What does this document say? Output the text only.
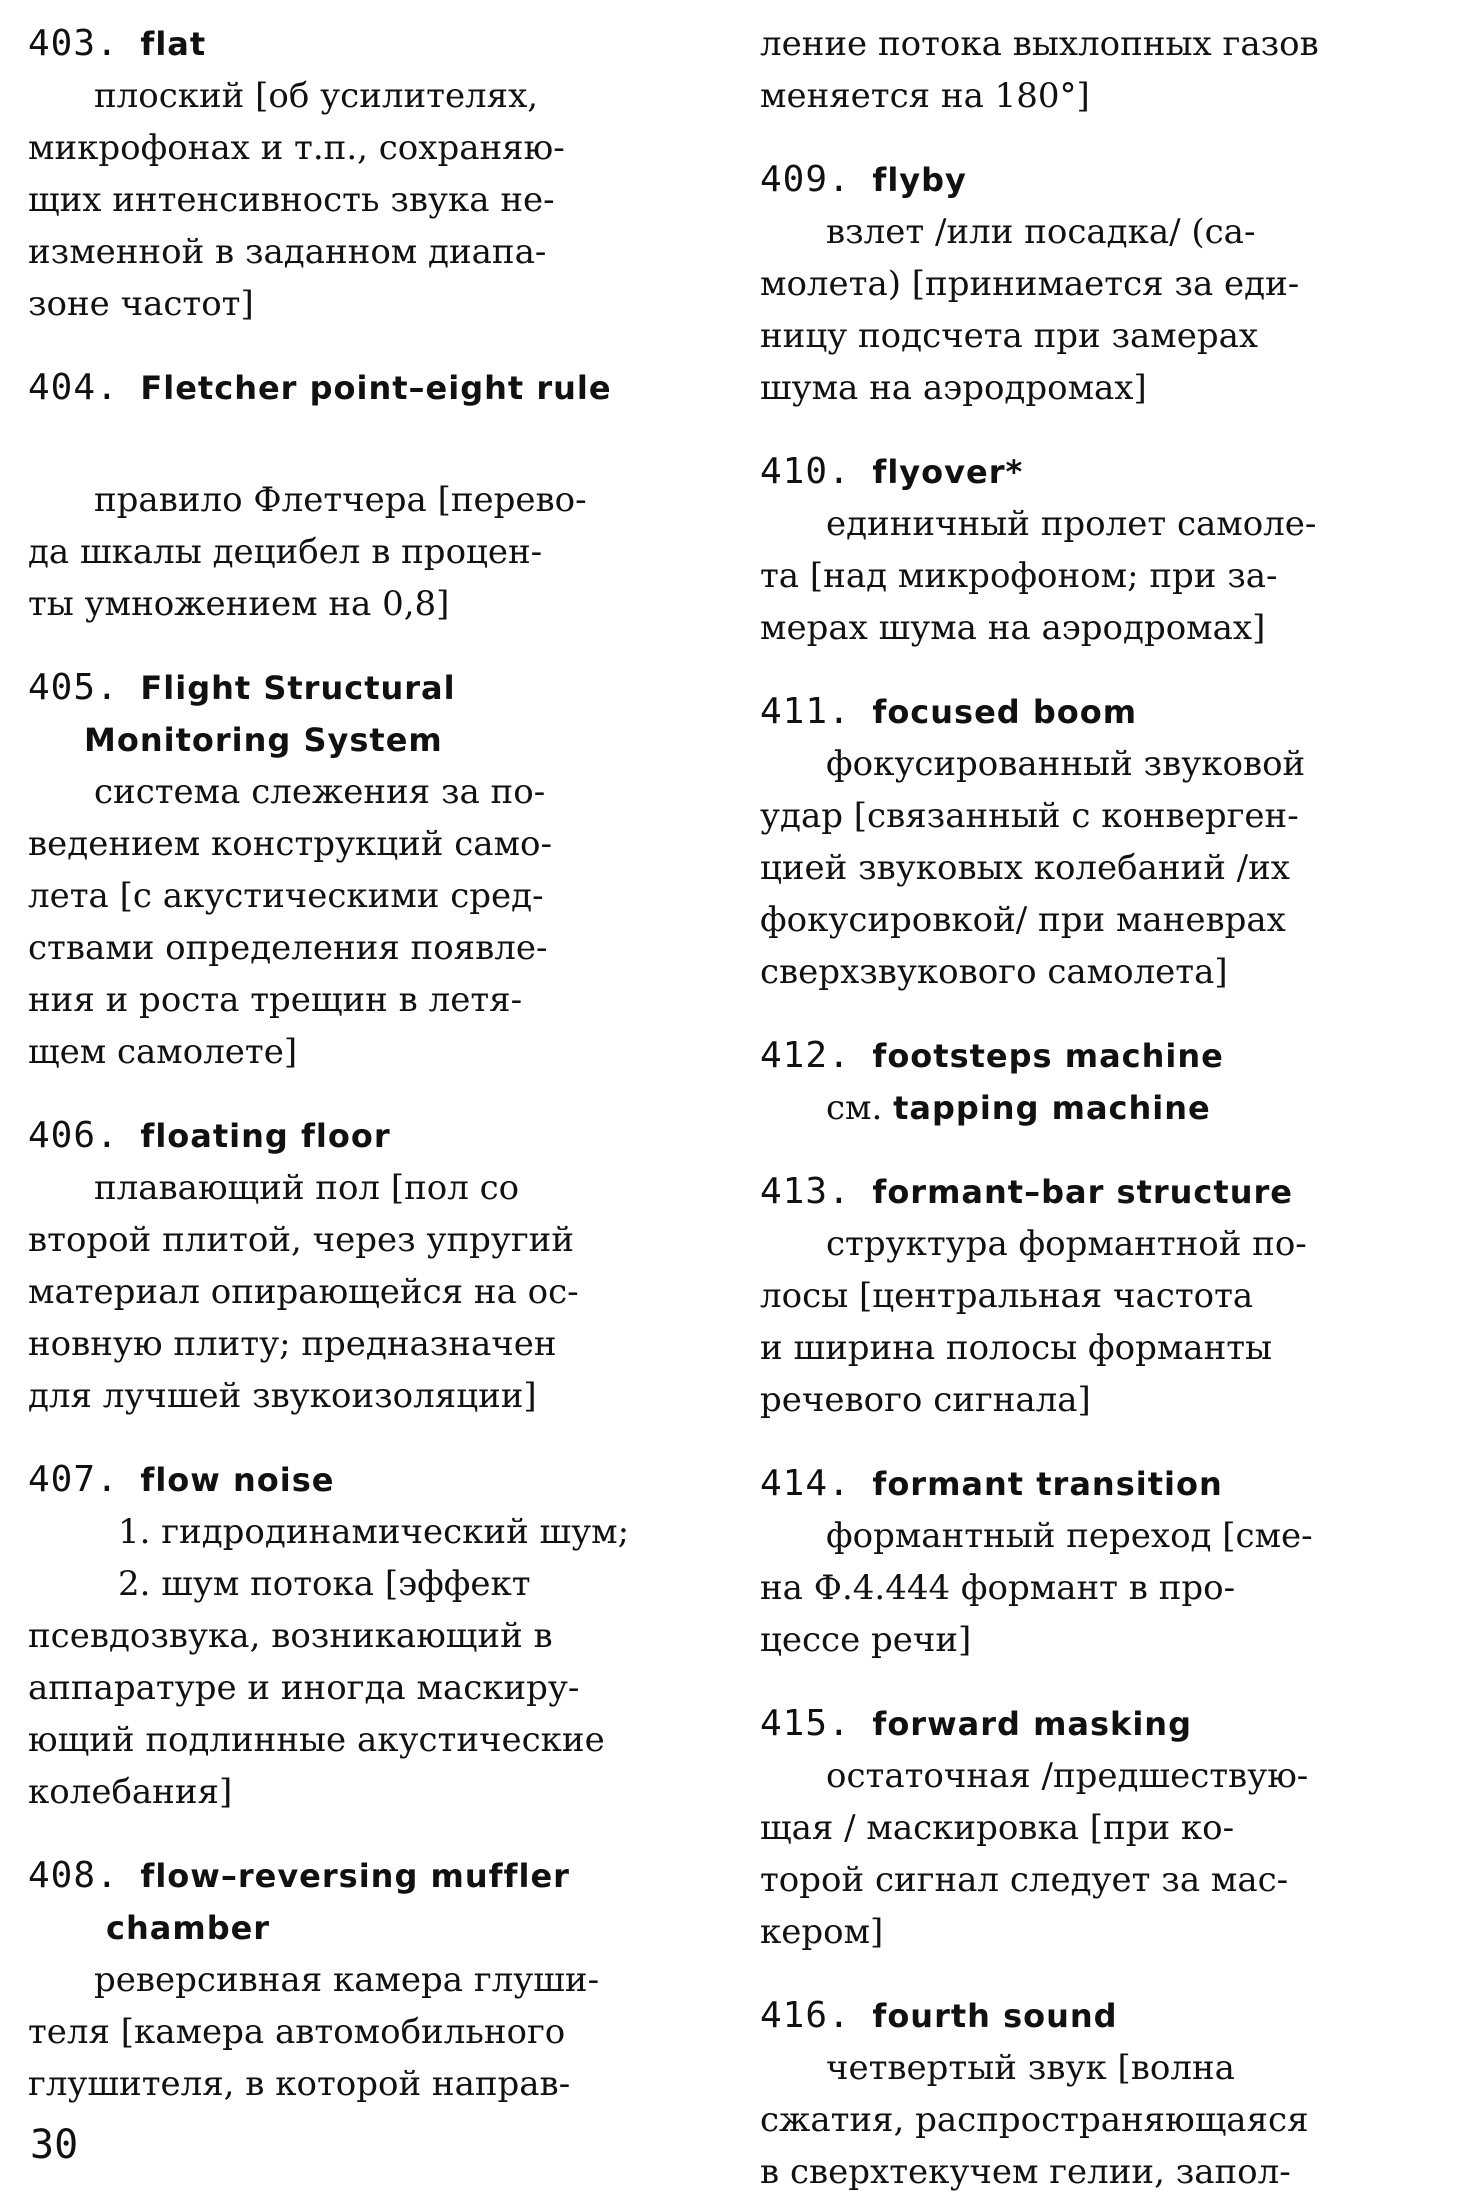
403. flat
плоский [об усилителях,
микрофонах и т.п., сохраняю-
щих интенсивность звука не-
изменной в заданном диапа-
зоне частот]
404. Fletcher point–eight rule
правило Флетчера [перево-
да шкалы децибел в процен-
ты умножением на 0,8]
405. Flight Structural
Monitoring System
система слежения за по-
ведением конструкций само-
лета [с акустическими сред-
ствами определения появле-
ния и роста трещин в летя-
щем самолете]
406. floating floor
плавающий пол [пол со
второй плитой, через упругий
материал опирающейся на ос-
новную плиту; предназначен
для лучшей звукоизоляции]
407. flow noise
1. гидродинамический шум;
2. шум потока [эффект
псевдозвука, возникающий в
аппаратуре и иногда маскиру-
ющий подлинные акустические
колебания]
408. flow–reversing muffler
chamber
реверсивная камера глуши-
теля [камера автомобильного
глушителя, в которой направ-
ление потока выхлопных газов
меняется на 180°]
409. flyby
взлет /или посадка/ (са-
молета) [принимается за еди-
ницу подсчета при замерах
шума на аэродромах]
410. flyover*
единичный пролет самоле-
та [над микрофоном; при за-
мерах шума на аэродромах]
411. focused boom
фокусированный звуковой
удар [связанный с конверген-
цией звуковых колебаний /их
фокусировкой/ при маневрах
сверхзвукового самолета]
412. footsteps machine
см. tapping machine
413. formant–bar structure
структура формантной по-
лосы [центральная частота
и ширина полосы форманты
речевого сигнала]
414. formant transition
формантный переход [сме-
на Ф.4.444 формант в про-
цессе речи]
415. forward masking
остаточная /предшествую-
щая / маскировка [при ко-
торой сигнал следует за мас-
кером]
416. fourth sound
четвертый звук [волна
сжатия, распространяющаяся
в сверхтекучем гелии, запол-
30
